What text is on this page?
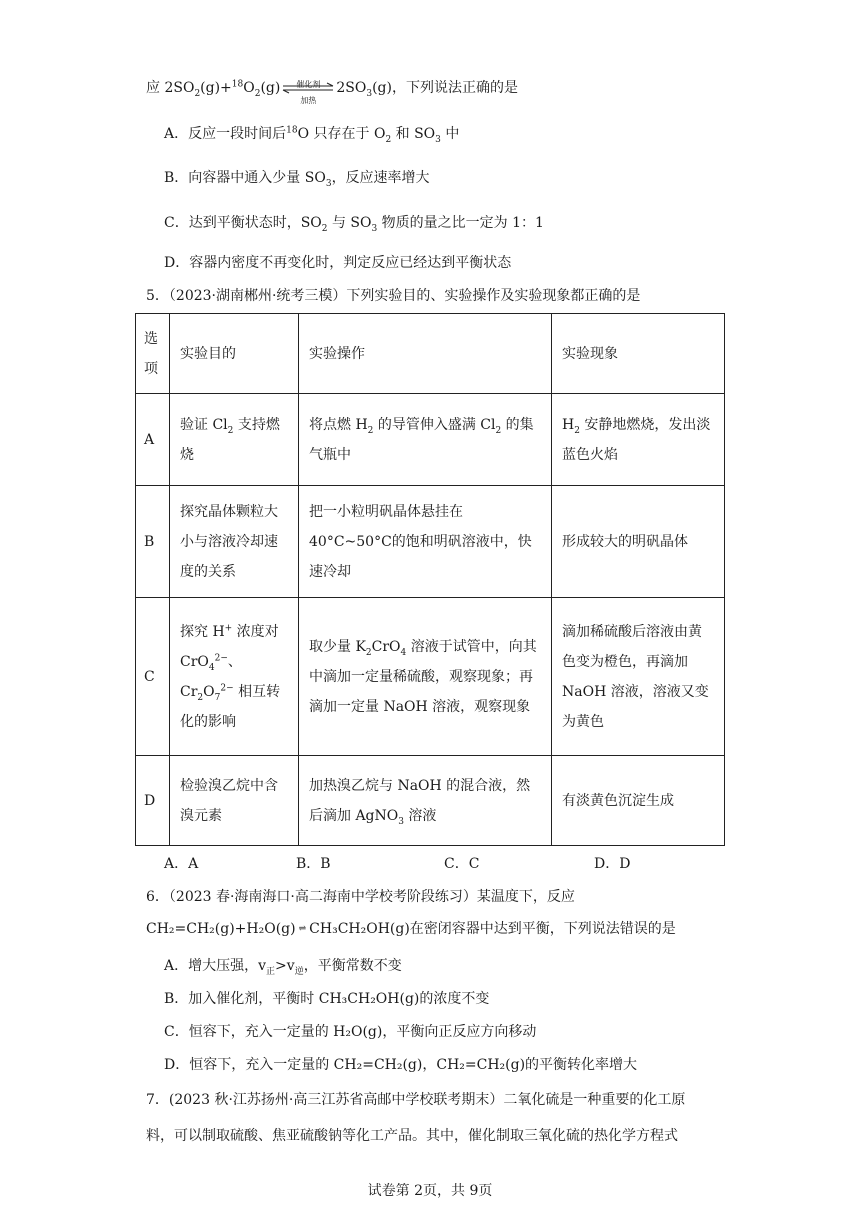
应 $2SO_2(g)+^{18}O_2(g)$	催化剂
加热
$2SO_3(g)$，下列说法正确的是
A．反应一段时间后$^{18}$O 只存在于 $O_2$ 和 $SO_3$ 中
B．向容器中通入少量 $SO_3$，反应速率增大
C．达到平衡状态时，$SO_2$ 与 $SO_3$ 物质的量之比一定为 1：1
D．容器内密度不再变化时，判定反应已经达到平衡状态
5．（2023·湖南郴州·统考三模）下列实验目的、实验操作及实验现象都正确的是
选项	实验目的	实验操作	实验现象
A	验证 $Cl_2$ 支持燃烧	将点燃 $H_2$ 的导管伸入盛满 $Cl_2$ 的集气瓶中	$H_2$ 安静地燃烧，发出淡蓝色火焰
B	探究晶体颗粒大小与溶液冷却速度的关系	把一小粒明矾晶体悬挂在40°C~50°C的饱和明矾溶液中，快速冷却	形成较大的明矾晶体
C	探究 H+ 浓度对 CrO$_4^{2-}$、$Cr_2O_7^{2-}$ 相互转化的影响	取少量 $K_2CrO_4$ 溶液于试管中，向其中滴加一定量稀硫酸，观察现象；再滴加一定量 NaOH 溶液，观察现象	滴加稀硫酸后溶液由黄色变为橙色，再滴加 NaOH 溶液，溶液又变为黄色
D	检验溴乙烷中含溴元素	加热溴乙烷与 NaOH 的混合液，然后滴加 AgNO$_3$ 溶液	有淡黄色沉淀生成
A．A	B．B	C．C	D．D
6．（2023 春·海南海口·高二海南中学校考阶段练习）某温度下，反应
CH₂=CH₂(g)+H₂O(g) ⇌ CH₃CH₂OH(g)在密闭容器中达到平衡，下列说法错误的是
A．增大压强，$v_正>v_逆$，平衡常数不变
B．加入催化剂，平衡时 CH₃CH₂OH(g)的浓度不变
C．恒容下，充入一定量的 H₂O(g)，平衡向正反应方向移动
D．恒容下，充入一定量的 CH₂=CH₂(g)，CH₂=CH₂(g)的平衡转化率增大
7．(2023 秋·江苏扬州·高三江苏省高邮中学校联考期末）二氧化硫是一种重要的化工原
料，可以制取硫酸、焦亚硫酸钠等化工产品。其中，催化制取三氧化硫的热化学方程式
试卷第 2页，共 9页
